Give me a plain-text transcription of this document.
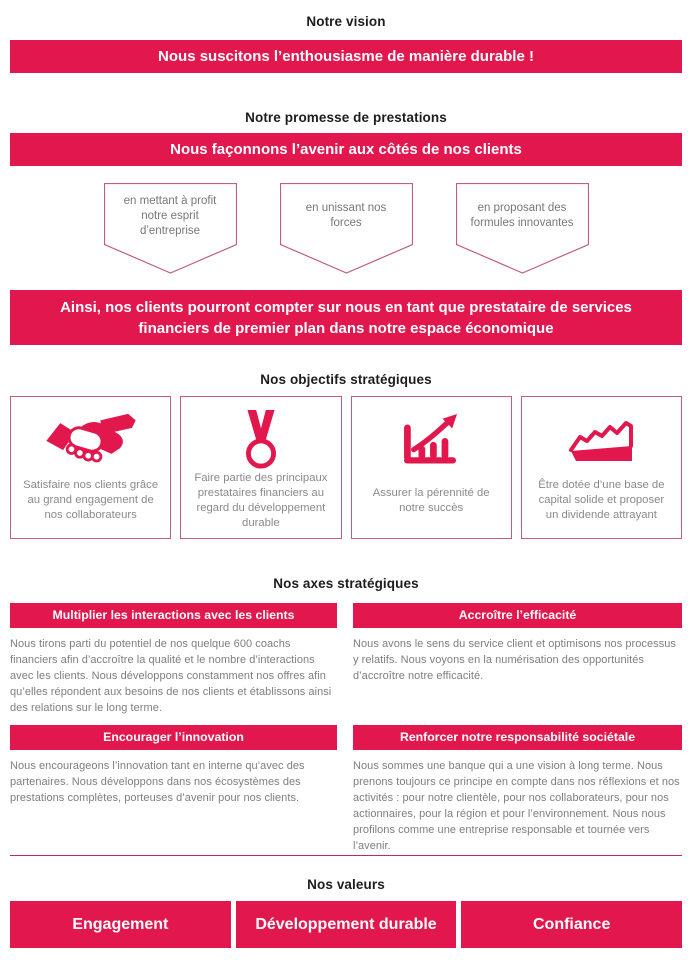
Notre vision
Nous suscitons l’enthousiasme de manière durable !
Notre promesse de prestations
Nous façonnons l’avenir aux côtés de nos clients
en mettant à profit notre esprit d’entreprise
en unissant nos forces
en proposant des formules innovantes
Ainsi, nos clients pourront compter sur nous en tant que prestataire de services financiers de premier plan dans notre espace économique
Nos objectifs stratégiques
Satisfaire nos clients grâce au grand engagement de nos collaborateurs
Faire partie des principaux prestataires financiers au regard du développement durable
Assurer la pérennité de notre succès
Être dotée d’une base de capital solide et proposer un dividende attrayant
Nos axes stratégiques
Multiplier les interactions avec les clients
Nous tirons parti du potentiel de nos quelque 600 coachs financiers afin d’accroître la qualité et le nombre d’interactions avec les clients. Nous développons constamment nos offres afin qu’elles répondent aux besoins de nos clients et établissons ainsi des relations sur le long terme.
Accroître l’efficacité
Nous avons le sens du service client et optimisons nos processus y relatifs. Nous voyons en la numérisation des opportunités d’accroître notre efficacité.
Encourager l’innovation
Nous encourageons l’innovation tant en interne qu’avec des partenaires. Nous développons dans nos écosystèmes des prestations complètes, porteuses d’avenir pour nos clients.
Renforcer notre responsabilité sociétale
Nous sommes une banque qui a une vision à long terme. Nous prenons toujours ce principe en compte dans nos réflexions et nos activités : pour notre clientèle, pour nos collaborateurs, pour nos actionnaires, pour la région et pour l’environnement. Nous nous profilons comme une entreprise responsable et tournée vers l’avenir.
Nos valeurs
Engagement	Développement durable	Confiance
